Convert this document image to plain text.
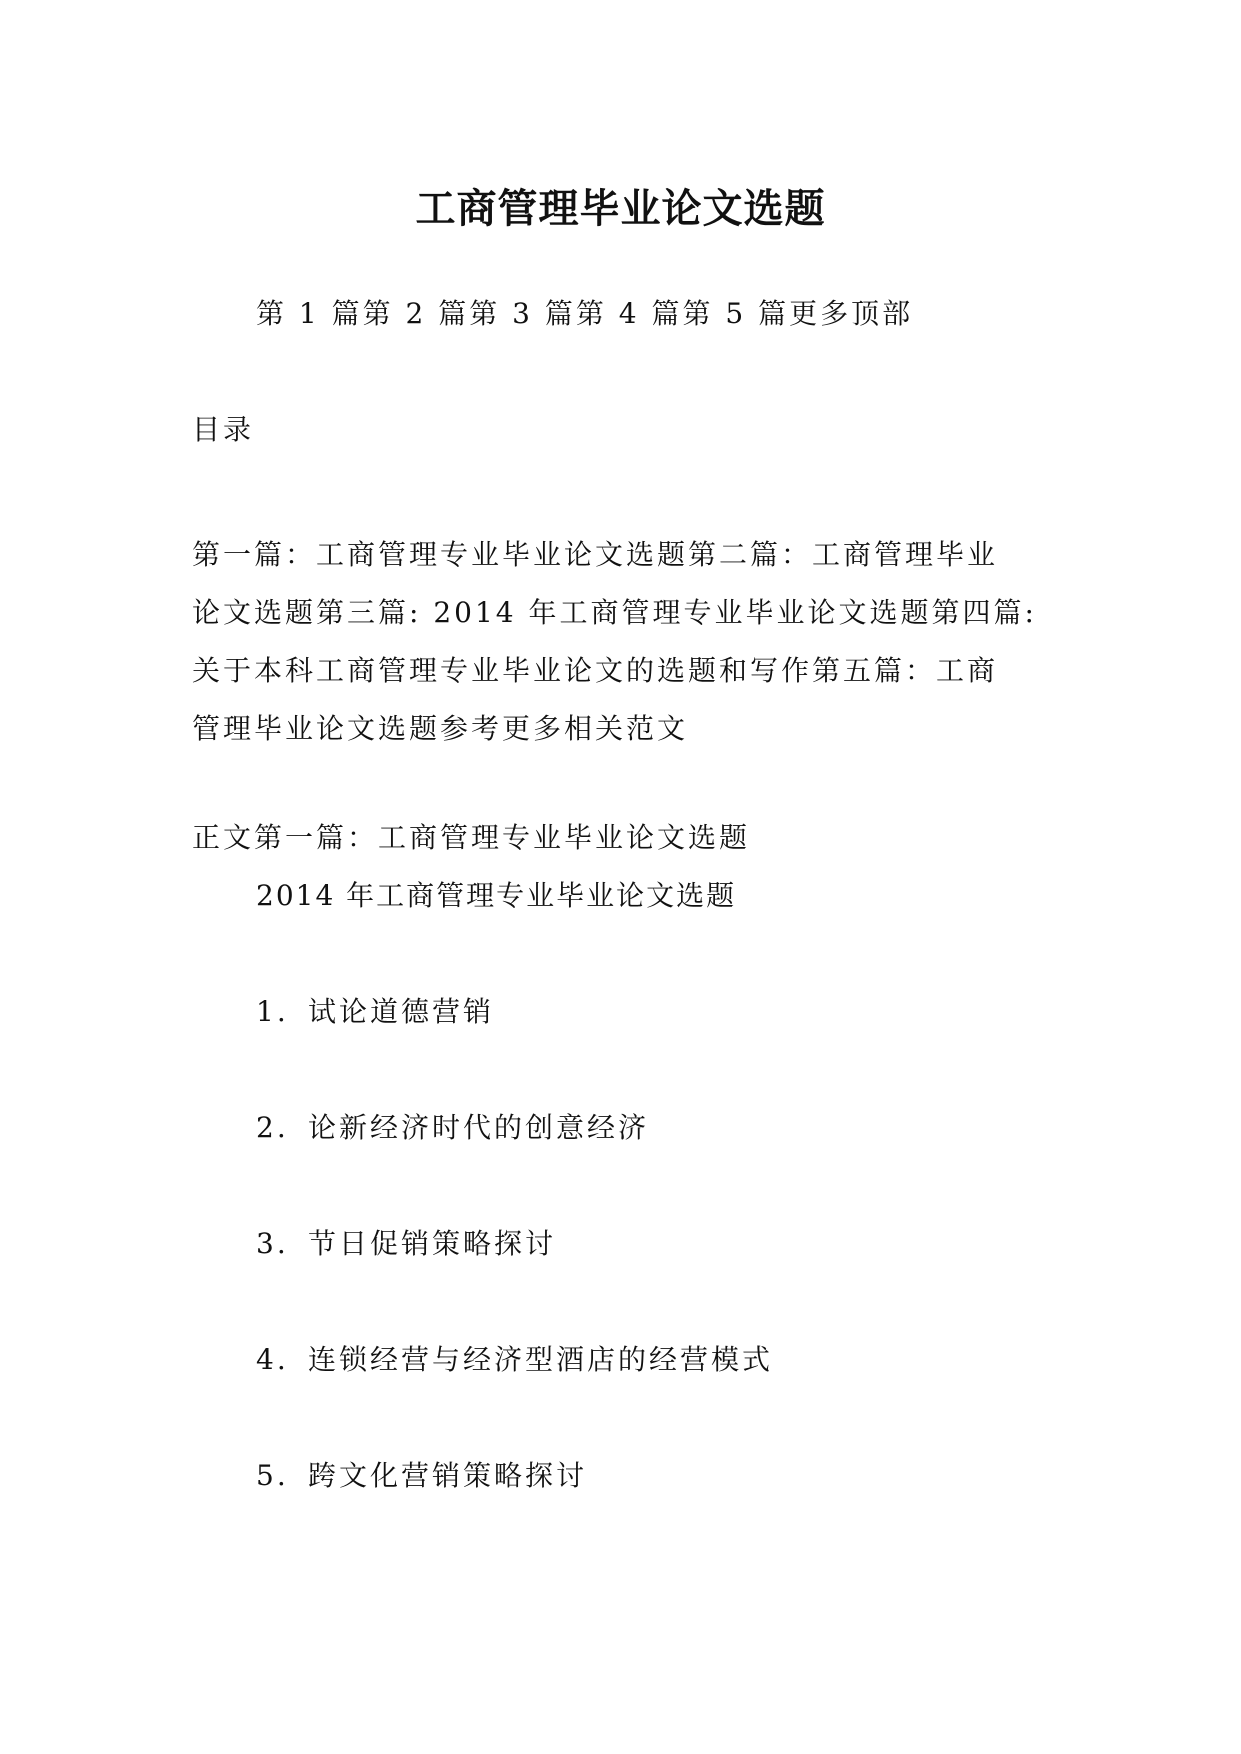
工商管理毕业论文选题
第 1 篇第 2 篇第 3 篇第 4 篇第 5 篇更多顶部
目录
第一篇：工商管理专业毕业论文选题第二篇：工商管理毕业
论文选题第三篇: 2014 年工商管理专业毕业论文选题第四篇:
关于本科工商管理专业毕业论文的选题和写作第五篇：工商
管理毕业论文选题参考更多相关范文
正文第一篇：工商管理专业毕业论文选题
2014 年工商管理专业毕业论文选题
1. 试论道德营销
2. 论新经济时代的创意经济
3. 节日促销策略探讨
4. 连锁经营与经济型酒店的经营模式
5. 跨文化营销策略探讨
